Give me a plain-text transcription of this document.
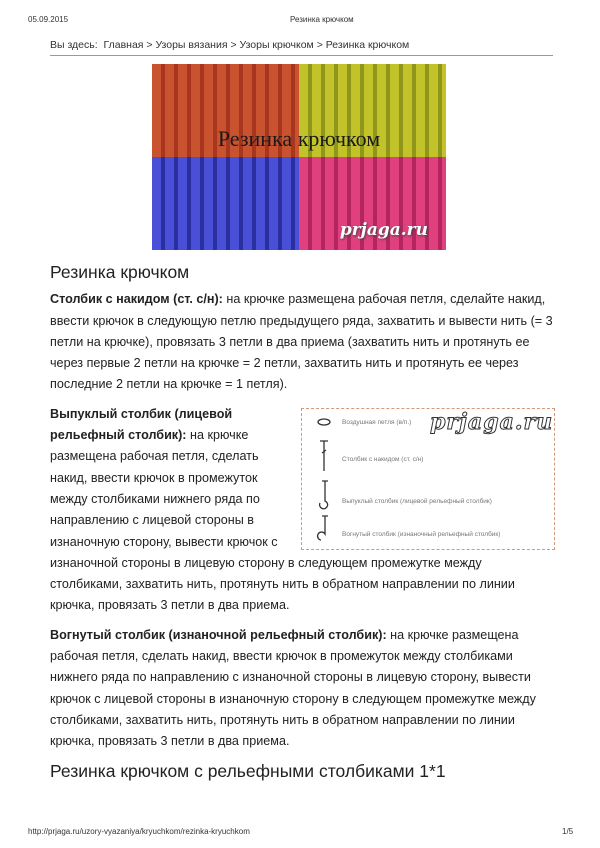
05.09.2015	Резинка крючком
Вы здесь: Главная > Узоры вязания > Узоры крючком > Резинка крючком
Резинка крючком
prjaga.ru
Резинка крючком

Столбик с накидом (ст. с/н): на крючке размещена рабочая петля, сделайте накид, ввести крючок в следующую петлю предыдущего ряда, захватить и вывести нить (= 3 петли на крючке), провязать 3 петли в два приема (захватить нить и протянуть ее через первые 2 петли на крючке = 2 петли, захватить нить и протянуть ее через последние 2 петли на крючке = 1 петля).

Воздушная петля (в/п.)
Столбик с накидом (ст. с/н)
Выпуклый столбик (лицевой рельефный столбик)
Вогнутый столбик (изнаночный рельефный столбик)
prjaga.ru

Выпуклый столбик (лицевой рельефный столбик): на крючке размещена рабочая петля, сделать накид, ввести крючок в промежуток между столбиками нижнего ряда по направлению с лицевой стороны в изнаночную сторону, вывести крючок с изнаночной стороны в лицевую сторону в следующем промежутке между столбиками, захватить нить, протянуть нить в обратном направлении по линии крючка, провязать 3 петли в два приема.

Вогнутый столбик (изнаночной рельефный столбик): на крючке размещена рабочая петля, сделать накид, ввести крючок в промежуток между столбиками нижнего ряда по направлению с изнаночной стороны в лицевую сторону, вывести крючок с лицевой стороны в изнаночную сторону в следующем промежутке между столбиками, захватить нить, протянуть нить в обратном направлении по линии крючка, провязать 3 петли в два приема.

Резинка крючком с рельефными столбиками 1*1
http://prjaga.ru/uzory-vyazaniya/kryuchkom/rezinka-kryuchkom	1/5
